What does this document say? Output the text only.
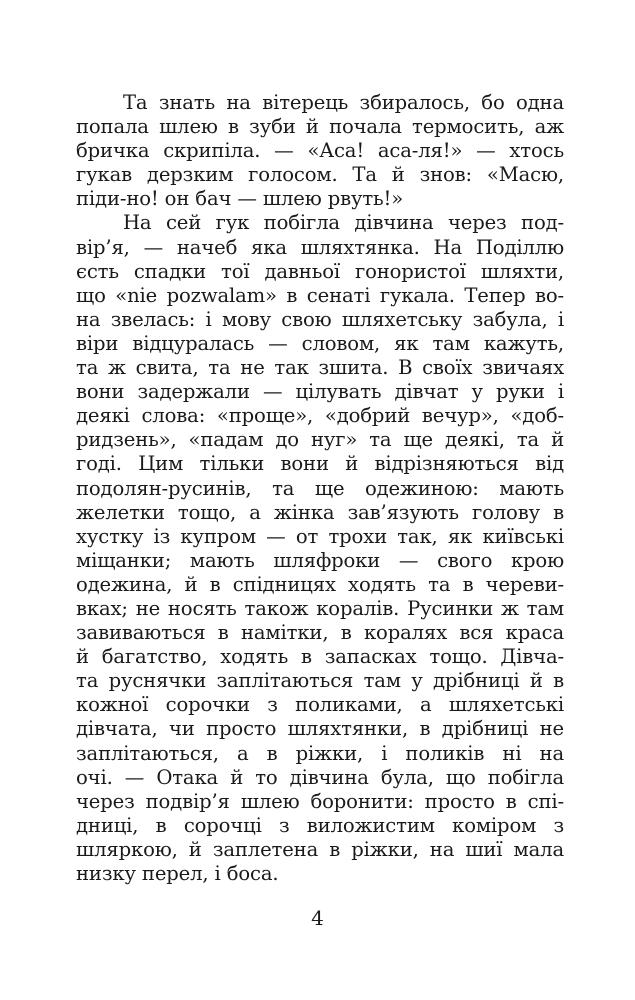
Та знать на вітерець збиралось, бо одна
попала шлею в зуби й почала термосить, аж
бричка скрипіла. — «Аса! аса-ля!» — хтось
гукав дерзким голосом. Та й знов: «Масю,
піди-но! он бач — шлею рвуть!»
На сей гук побігла дівчина через под-
вір’я, — начеб яка шляхтянка. На Поділлю
єсть спадки тої давньої гонористої шляхти,
що «nie pozwalam» в сенаті гукала. Тепер во-
на звелась: і мову свою шляхетську забула, і
віри відцуралась — словом, як там кажуть,
та ж свита, та не так зшита. В своїх звичаях
вони задержали — цілувать дівчат у руки і
деякі слова: «проще», «добрий вечур», «доб-
ридзень», «падам до нуг» та ще деякі, та й
годі. Цим тільки вони й відрізняються від
подолян-русинів, та ще одежиною: мають
желетки тощо, а жінка зав’язують голову в
хустку із купром — от трохи так, як київські
міщанки; мають шляфроки — свого крою
одежина, й в спідницях ходять та в череви-
вках; не носять також коралів. Русинки ж там
завиваються в намітки, в коралях вся краса
й багатство, ходять в запасках тощо. Дівча-
та руснячки заплітаються там у дрібниці й в
кожної сорочки з поликами, а шляхетські
дівчата, чи просто шляхтянки, в дрібниці не
заплітаються, а в ріжки, і поликів ні на
очі. — Отака й то дівчина була, що побігла
через подвір’я шлею боронити: просто в спі-
дниці, в сорочці з виложистим коміром з
шляркою, й заплетена в ріжки, на шиї мала
низку перел, і боса.
4
